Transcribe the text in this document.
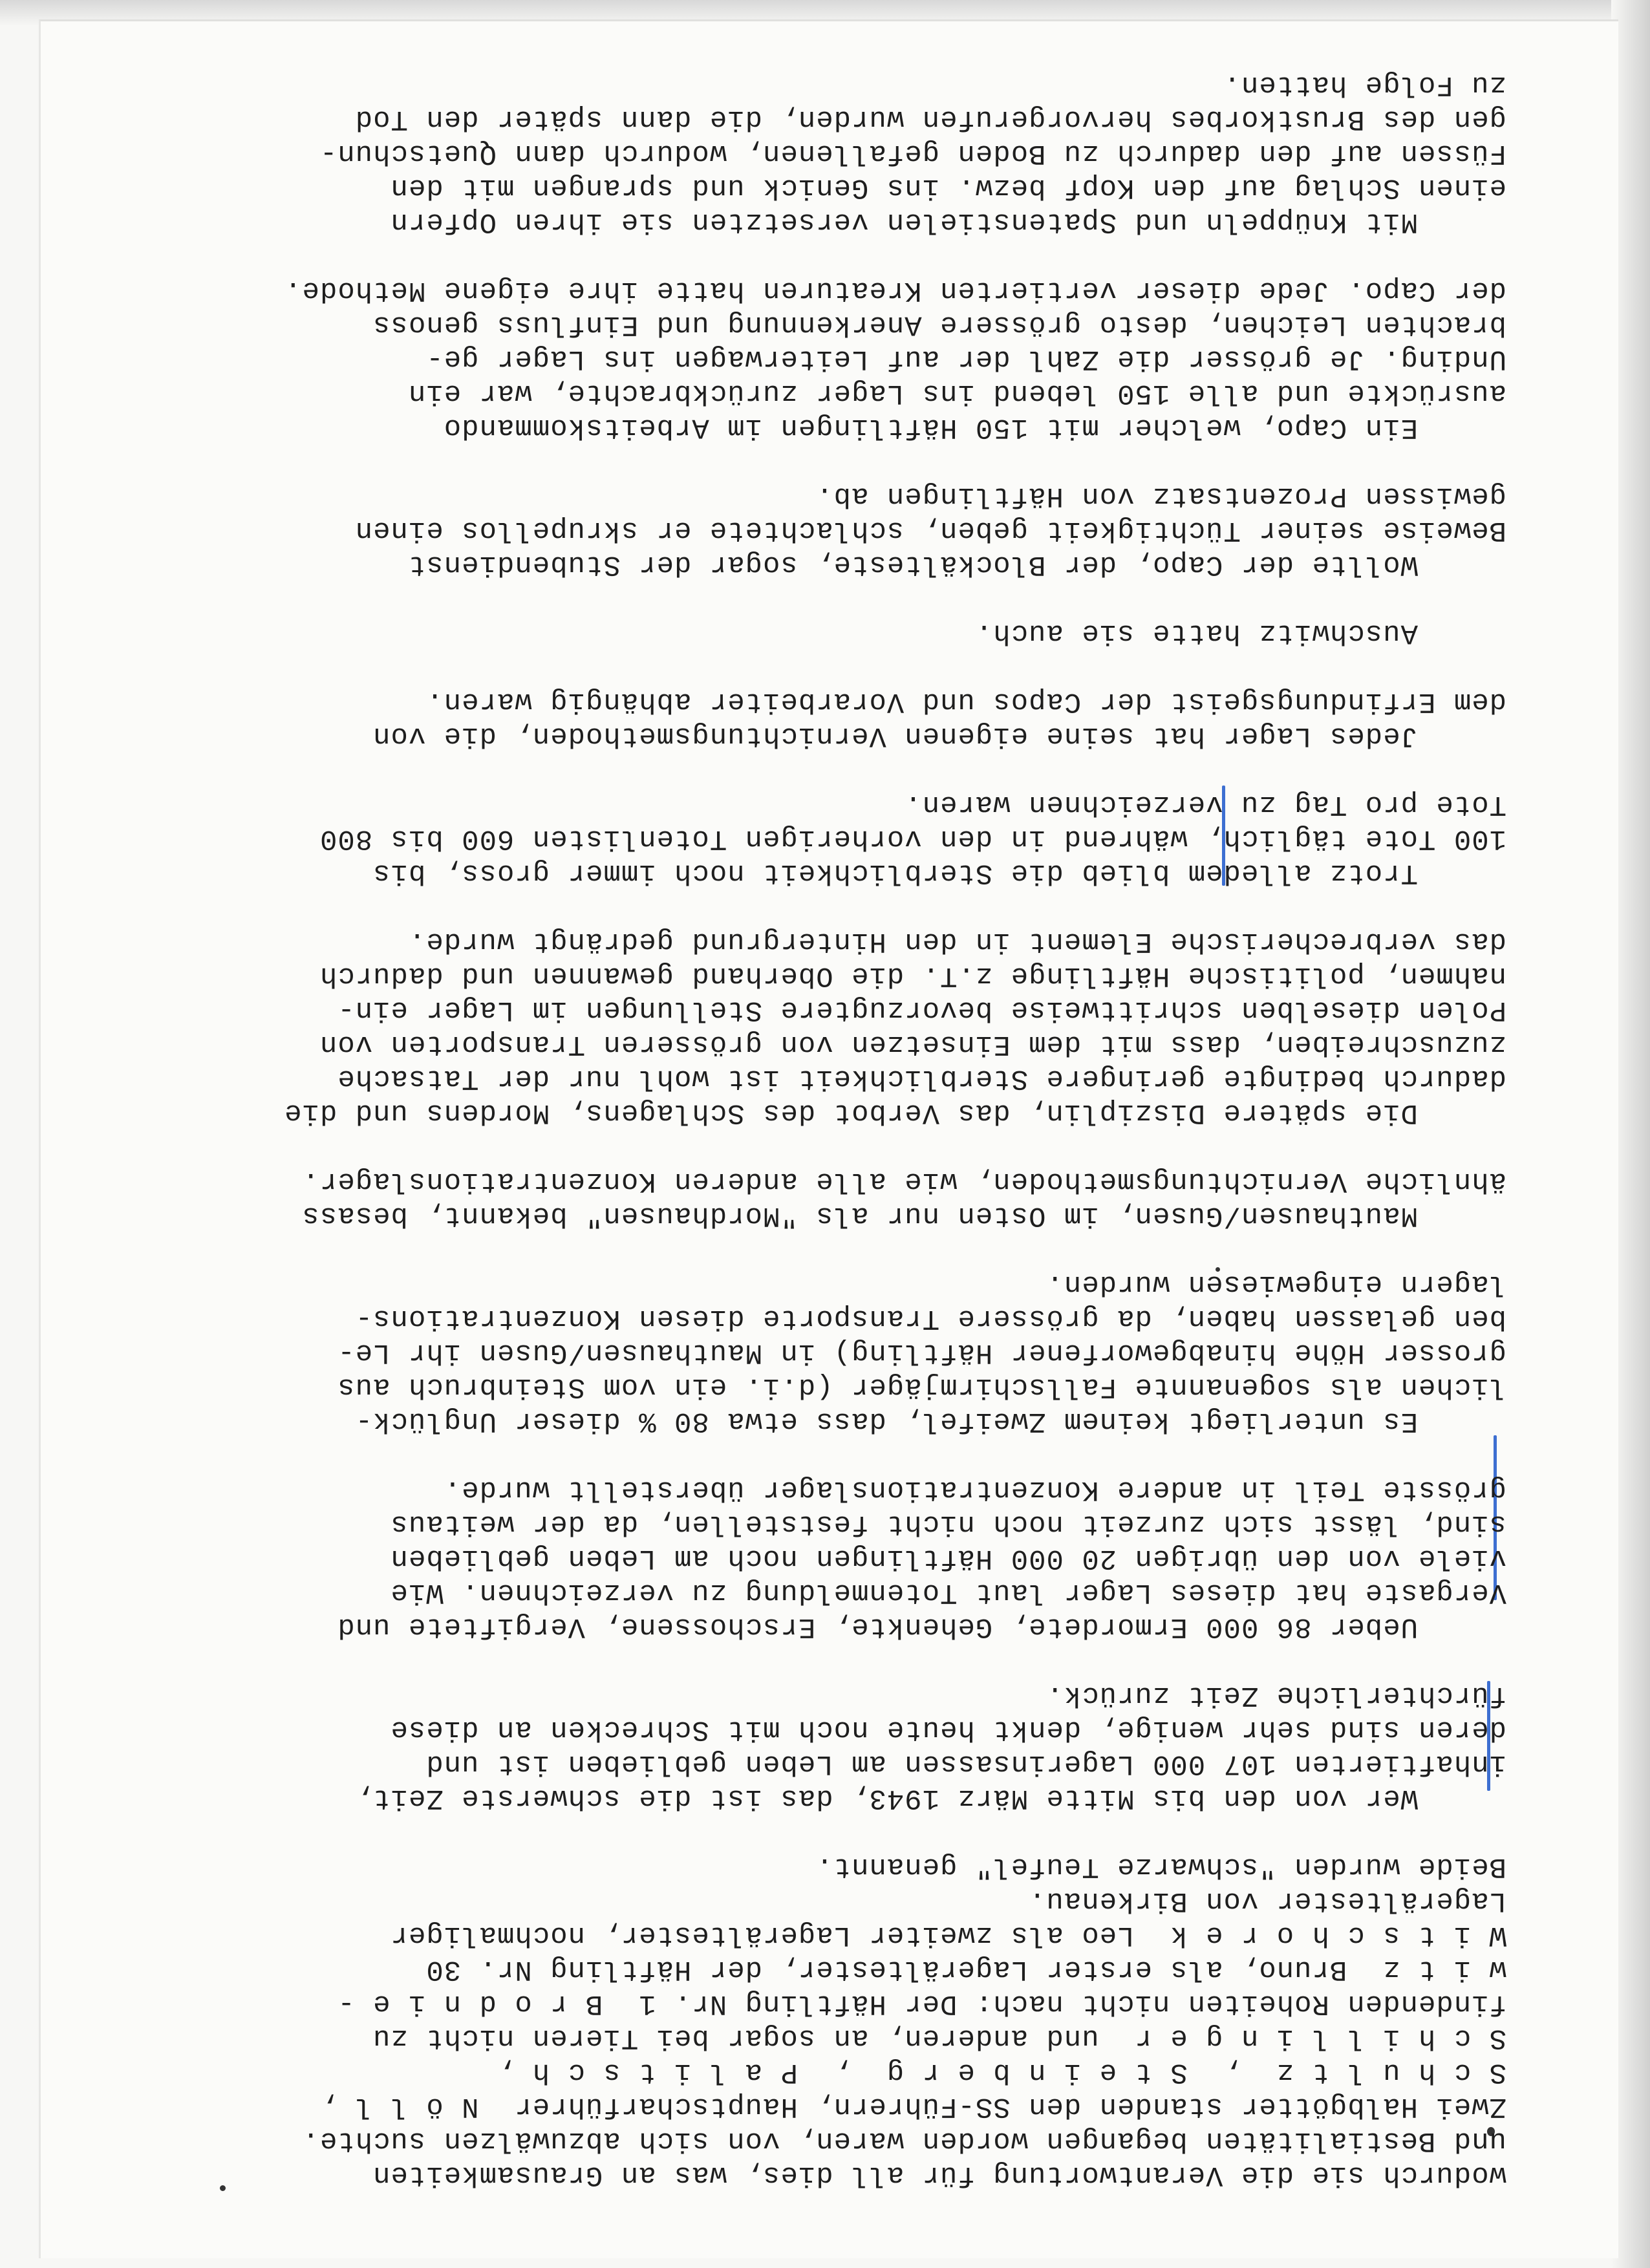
wodurch sie die Verantwortung für all dies, was an Grausamkeiten
und Bestialitäten begangen worden waren, von sich abzuwälzen suchte.
Zwei Halbgötter standen den SS-Führern, Hauptscharführer  N ö l l ,
S c h u l t z  ,  S t e i n b e r g  ,  P a l i t s c h ,
S c h i l l i n g e r  und anderen, an sogar bei Tieren nicht zu
findenden Roheiten nicht nach: Der Häftling Nr. 1  B r o d n i e -
w i t z  Bruno, als erster Lagerältester, der Häftling Nr. 30
W i t s c h o r e k  Leo als zweiter Lagerältester, nochmaliger
Lagerältester von Birkenau.
Beide wurden "schwarze Teufel" genannt.
Wer von den bis Mitte März 1943, das ist die schwerste Zeit,
inhaftierten 107 000 Lagerinsassen am Leben geblieben ist und
deren sind sehr wenige, denkt heute noch mit Schrecken an diese
fürchterliche Zeit zurück.
Ueber 86 000 Ermordete, Gehenkte, Erschossene, Vergiftete und
Vergaste hat dieses Lager laut Totenmeldung zu verzeichnen. Wie
viele von den übrigen 20 000 Häftlingen noch am Leben geblieben
sind, lässt sich zurzeit noch nicht feststellen, da der weitaus
grösste Teil in andere Konzentrationslager überstellt wurde.
Es unterliegt keinem Zweifel, dass etwa 80 % dieser Unglück-
lichen als sogenannte Fallschirmjäger (d.i. ein vom Steinbruch aus
grosser Höhe hinabgeworfener Häftling) in Mauthausen/Gusen ihr Le-
ben gelassen haben, da grössere Transporte diesen Konzentrations-
lagern eingewiesen wurden.
Mauthausen/Gusen, im Osten nur als "Mordhausen" bekannt, besass
ähnliche Vernichtungsmethoden, wie alle anderen Konzentrationslager.
Die spätere Disziplin, das Verbot des Schlagens, Mordens und die
dadurch bedingte geringere Sterblichkeit ist wohl nur der Tatsache
zuzuschreiben, dass mit dem Einsetzen von grösseren Transporten von
Polen dieselben schrittweise bevorzugtere Stellungen im Lager ein-
nahmen, politische Häftlinge z.T. die Oberhand gewannen und dadurch
das verbrecherische Element in den Hintergrund gedrängt wurde.
Trotz alledem blieb die Sterblichkeit noch immer gross, bis
100 Tote täglich, während in den vorherigen Totenlisten 600 bis 800
Tote pro Tag zu verzeichnen waren.
Jedes Lager hat seine eigenen Vernichtungsmethoden, die von
dem Erfindungsgeist der Capos und Vorarbeiter abhängig waren.
Auschwitz hatte sie auch.
Wollte der Capo, der Blockälteste, sogar der Stubendienst
Beweise seiner Tüchtigkeit geben, schlachtete er skrupellos einen
gewissen Prozentsatz von Häftlingen ab.
Ein Capo, welcher mit 150 Häftlingen im Arbeitskommando
ausrückte und alle 150 lebend ins Lager zurückbrachte, war ein
Unding. Je grösser die Zahl der auf Leiterwagen ins Lager ge-
brachten Leichen, desto grössere Anerkennung und Einfluss genoss
der Capo. Jede dieser vertierten Kreaturen hatte ihre eigene Methode.
Mit Knüppeln und Spatenstielen versetzten sie ihren Opfern
einen Schlag auf den Kopf bezw. ins Genick und sprangen mit den
Füssen auf den dadurch zu Boden gefallenen, wodurch dann Quetschun-
gen des Brustkorbes hervorgerufen wurden, die dann später den Tod
zu Folge hatten.
